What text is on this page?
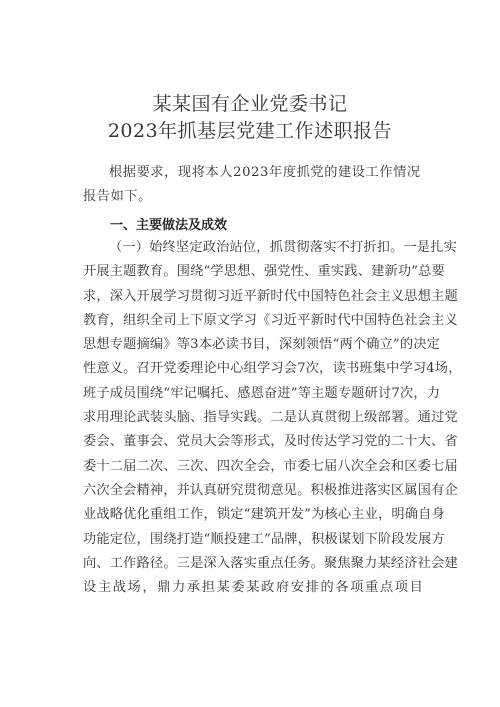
某某国有企业党委书记
2023年抓基层党建工作述职报告
根据要求，现将本人2023年度抓党的建设工作情况报告如下。
一、主要做法及成效
（一）始终坚定政治站位，抓贯彻落实不打折扣。一是扎实
开展主题教育。围绕“学思想、强党性、重实践、建新功”总要
求，深入开展学习贯彻习近平新时代中国特色社会主义思想主题
教育，组织全司上下原文学习《习近平新时代中国特色社会主义
思想专题摘编》等3本必读书目，深刻领悟“两个确立”的决定
性意义。召开党委理论中心组学习会7次，读书班集中学习4场，
班子成员围绕“牢记嘱托、感恩奋进”等主题专题研讨7次，力
求用理论武装头脑、指导实践。二是认真贯彻上级部署。通过党
委会、董事会、党员大会等形式，及时传达学习党的二十大、省
委十二届二次、三次、四次全会，市委七届八次全会和区委七届
六次全会精神，并认真研究贯彻意见。积极推进落实区属国有企
业战略优化重组工作，锁定“建筑开发”为核心主业，明确自身
功能定位，围绕打造“顺投建工”品牌，积极谋划下阶段发展方
向、工作路径。三是深入落实重点任务。聚焦聚力某经济社会建
设主战场，鼎力承担某委某政府安排的各项重点项目
